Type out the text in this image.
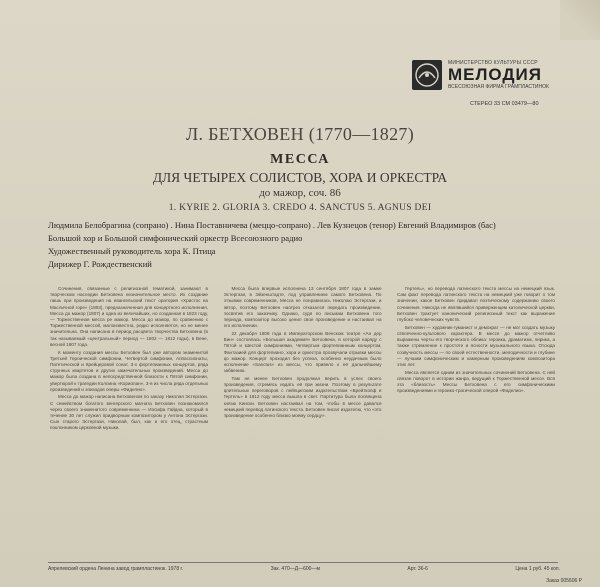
МИНИСТЕРСТВО КУЛЬТУРЫ СССР
МЕЛОДИЯ
ВСЕСОЮЗНАЯ ФИРМА ГРАМПЛАСТИНОК
СТЕРЕО 33 СМ 03479—80
Л. БЕТХОВЕН (1770—1827)
МЕССА
ДЛЯ ЧЕТЫРЕХ СОЛИСТОВ, ХОРА И ОРКЕСТРА
до мажор, соч. 86
1. KYRIE 2. GLORIA 3. CREDO 4. SANCTUS 5. AGNUS DEI
Людмила Белобрагина (сопрано) . Нина Поставничева (меццо-сопрано) . Лев Кузнецов (тенор) Евгений Владимиров (бас)
Большой хор и Большой симфонический оркестр Всесоюзного радио
Художественный руководитель хора К. Птица
Дирижер Г. Рождественский

Сочинения, связанные с религиозной тематикой, занимают в творческом наследии Бетховена незначительное место. Их создание лишь при произведения на евангельский текст оратория «Христос на Масличной горе» (1803), предназначенная для концертного исполнения, Месса до мажор (1807) и одна из величайших, но созданная в 1823 году, — Торжественная месса ре мажор. Месса до мажор, по сравнению с Торжественной мессой, малоизвестна, редко исполняется, но не менее значительна. Она написана в период расцвета творчества Бетховена (в так называемый «центральный» период — 1802 — 1812 годы), в Вене, весной 1807 года.

К моменту создания мессы Бетховен был уже автором знаменитой Третьей Героической симфонии, Четвертой симфонии, Аппассионаты, Патетической и Крейцеровой сонат, 3-х фортепианных концертов, ряда струнных квартетов и других замечательных произведений. Месса до мажор была создана в непосредственной близости к Пятой симфонии, увертюрой к трагедии Коллина «Кориолан», 3-я из числа ряда отдельных произведений и эпизодов оперы «Фиделио».

Месса до мажор написана Бетховеном по заказу Николая Эстергази. С семейством богатого венгерского магната Бетховен познакомился через своего знаменитого современника — Иосифа Гайдна, который в течение 30 лет служил придворным композитором у Антона Эстергази. Сын старого Эстергази, Николай, был, как и его отец, страстным поклонником церковной музыки.

Месса была впервые исполнена 13 сентября 1807 года в замке Эстергази, в Эйзенштадте, под управлением самого Бетховена. По отзывам современников, Месса не понравилась Николаю Эстергази, и автор, поэтому Бетховен наотрез отказался передать произведение, посвятив его заказчику. Однако, судя по письмам Бетховена того периода, композитор высоко ценил свое произведение и настаивал на его исполнении.

22 декабря 1808 года в Императорском Венском театре «Ан дер Вин» состоялась «Большая академия» Бетховена, в которой наряду с Пятой и Шестой симфониями, Четвертым фортепианным концертом, Фантазией для фортепиано, хора и оркестра прозвучали отрывки мессы до мажор. Концерт проходил без успеха, особенно неудачным было исполнение «Sanctus» из мессы, что привело к её дальнейшему забвению.

Там не менее Бетховен продолжал верить в успех своего произведения, стремясь издать её при жизни. Поэтому в результате длительных переговоров с лейпцигским издательством «Брейткопф и Гертель» в 1812 году месса вышла в свет. Партитура была посвящена князю Кински. Бетховен настаивал на том, чтобы в мессе давался немецкий перевод латинского текста. Бетховен писал издателю, что «это произведение особенно близко моему сердцу».

Гертель», но перевода латинского текста мессы на немецкий язык. Сам факт перевода латинского текста на немецкий уже говорит о том значении, какое Бетховен придавал поэтическому содержанию своего сочинения. Никогда не являвшийся приверженцем католической церкви, Бетховен трактует канонический религиозный текст как выражение глубоко человеческих чувств.

Бетховен — художник-гуманист и демократ — не мог создать музыку отвлеченно-культового характера. В мессе до мажор отчетливо выражены черты его творческого облика: героика, драматизм, лирика, а также стремление к простоте и ясности музыкального языка. Отсюда созвучность мессы — по своей естественности, мелодичности и глубине — лучшим симфоническим и камерным произведениям композитора этих лет.

Месса является одним из значительных сочинений Бетховена. С ней связан поворот в истории жанра, ведущий к Торжественной мессе. Вся эта «близость» Мессы Бетховена с его симфоническими произведениями и героико-трагической оперой «Фиделио».

Апрелевский ордена Ленина завод грампластинок. 1978 г.	Зак. 470—Д—600—м	Арт. 36-6	Цена 1 руб. 45 коп.
Заказ 005606 Р
